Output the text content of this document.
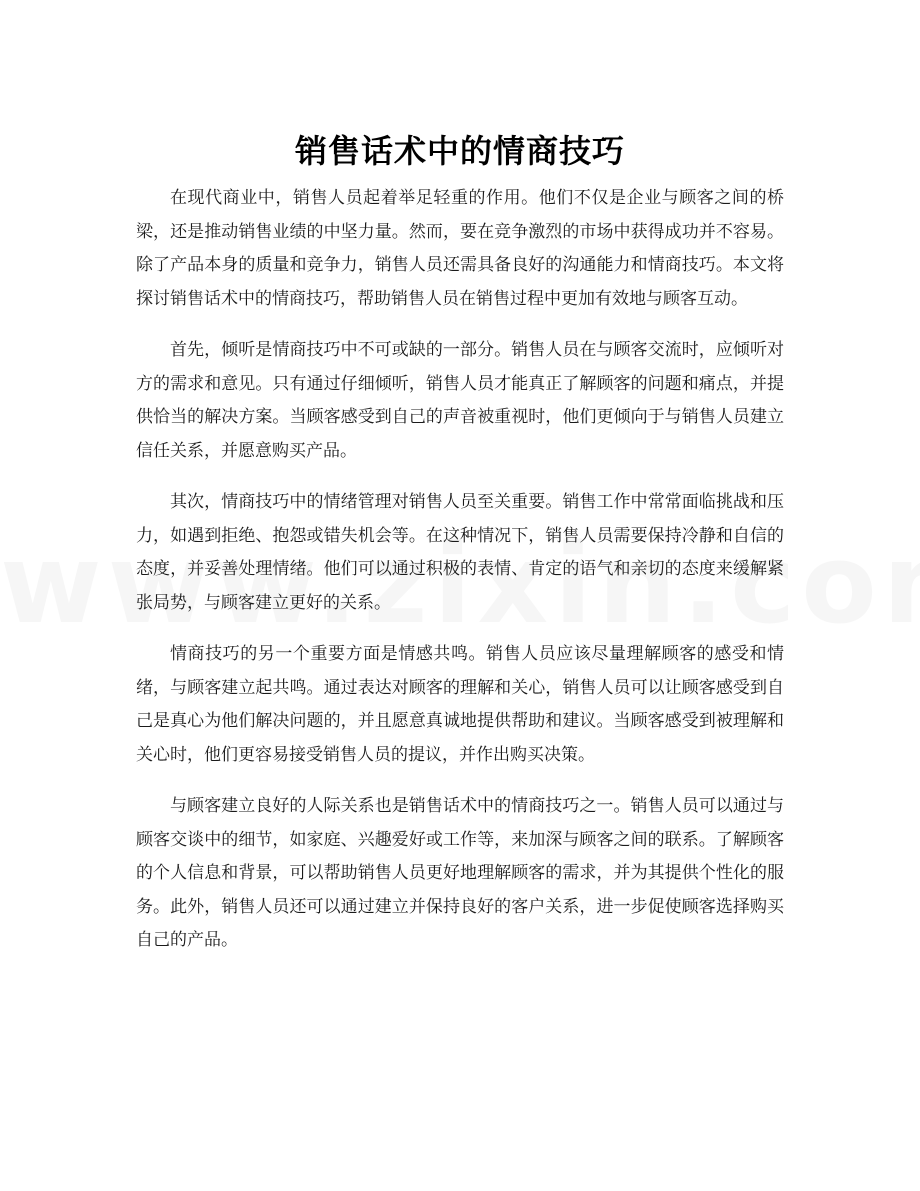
销售话术中的情商技巧

在现代商业中，销售人员起着举足轻重的作用。他们不仅是企业与顾客之间的桥梁，还是推动销售业绩的中坚力量。然而，要在竞争激烈的市场中获得成功并不容易。除了产品本身的质量和竞争力，销售人员还需具备良好的沟通能力和情商技巧。本文将探讨销售话术中的情商技巧，帮助销售人员在销售过程中更加有效地与顾客互动。

首先，倾听是情商技巧中不可或缺的一部分。销售人员在与顾客交流时，应倾听对方的需求和意见。只有通过仔细倾听，销售人员才能真正了解顾客的问题和痛点，并提供恰当的解决方案。当顾客感受到自己的声音被重视时，他们更倾向于与销售人员建立信任关系，并愿意购买产品。

其次，情商技巧中的情绪管理对销售人员至关重要。销售工作中常常面临挑战和压力，如遇到拒绝、抱怨或错失机会等。在这种情况下，销售人员需要保持冷静和自信的态度，并妥善处理情绪。他们可以通过积极的表情、肯定的语气和亲切的态度来缓解紧张局势，与顾客建立更好的关系。

情商技巧的另一个重要方面是情感共鸣。销售人员应该尽量理解顾客的感受和情绪，与顾客建立起共鸣。通过表达对顾客的理解和关心，销售人员可以让顾客感受到自己是真心为他们解决问题的，并且愿意真诚地提供帮助和建议。当顾客感受到被理解和关心时，他们更容易接受销售人员的提议，并作出购买决策。

与顾客建立良好的人际关系也是销售话术中的情商技巧之一。销售人员可以通过与顾客交谈中的细节，如家庭、兴趣爱好或工作等，来加深与顾客之间的联系。了解顾客的个人信息和背景，可以帮助销售人员更好地理解顾客的需求，并为其提供个性化的服务。此外，销售人员还可以通过建立并保持良好的客户关系，进一步促使顾客选择购买自己的产品。
